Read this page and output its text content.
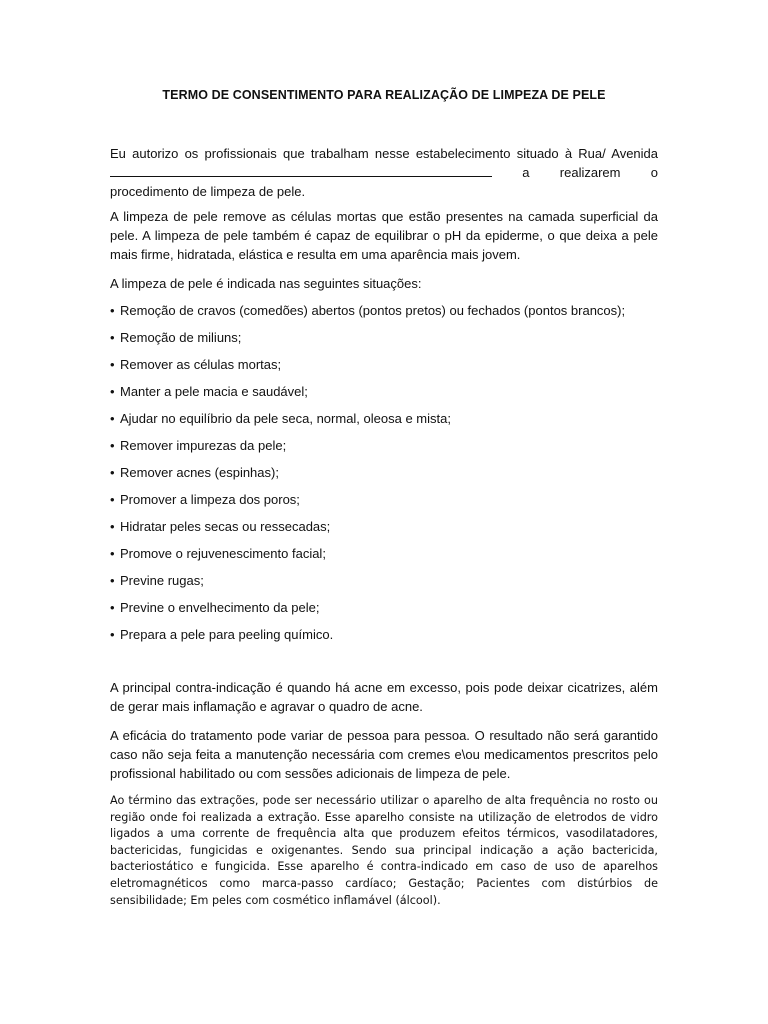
TERMO DE CONSENTIMENTO PARA REALIZAÇÃO DE LIMPEZA DE PELE
Eu autorizo os profissionais que trabalham nesse estabelecimento situado à Rua/ Avenida
a realizarem o
procedimento de limpeza de pele.
A limpeza de pele remove as células mortas que estão presentes na camada superficial da pele. A limpeza de pele também é capaz de equilibrar o pH da epiderme, o que deixa a pele mais firme, hidratada, elástica e resulta em uma aparência mais jovem.
A limpeza de pele é indicada nas seguintes situações:
• Remoção de cravos (comedões) abertos (pontos pretos) ou fechados (pontos brancos);
• Remoção de miliuns;
• Remover as células mortas;
• Manter a pele macia e saudável;
• Ajudar no equilíbrio da pele seca, normal, oleosa e mista;
• Remover impurezas da pele;
• Remover acnes (espinhas);
• Promover a limpeza dos poros;
• Hidratar peles secas ou ressecadas;
• Promove o rejuvenescimento facial;
• Previne rugas;
• Previne o envelhecimento da pele;
• Prepara a pele para peeling químico.
A principal contra-indicação é quando há acne em excesso, pois pode deixar cicatrizes, além de gerar mais inflamação e agravar o quadro de acne.
A eficácia do tratamento pode variar de pessoa para pessoa. O resultado não será garantido caso não seja feita a manutenção necessária com cremes e\ou medicamentos prescritos pelo profissional habilitado ou com sessões adicionais de limpeza de pele.
Ao término das extrações, pode ser necessário utilizar o aparelho de alta frequência no rosto ou região onde foi realizada a extração. Esse aparelho consiste na utilização de eletrodos de vidro ligados a uma corrente de frequência alta que produzem efeitos térmicos, vasodilatadores, bactericidas, fungicidas e oxigenantes. Sendo sua principal indicação a ação bactericida, bacteriostático e fungicida. Esse aparelho é contra-indicado em caso de uso de aparelhos eletromagnéticos como marca-passo cardíaco; Gestação; Pacientes com distúrbios de sensibilidade; Em peles com cosmético inflamável (álcool).
